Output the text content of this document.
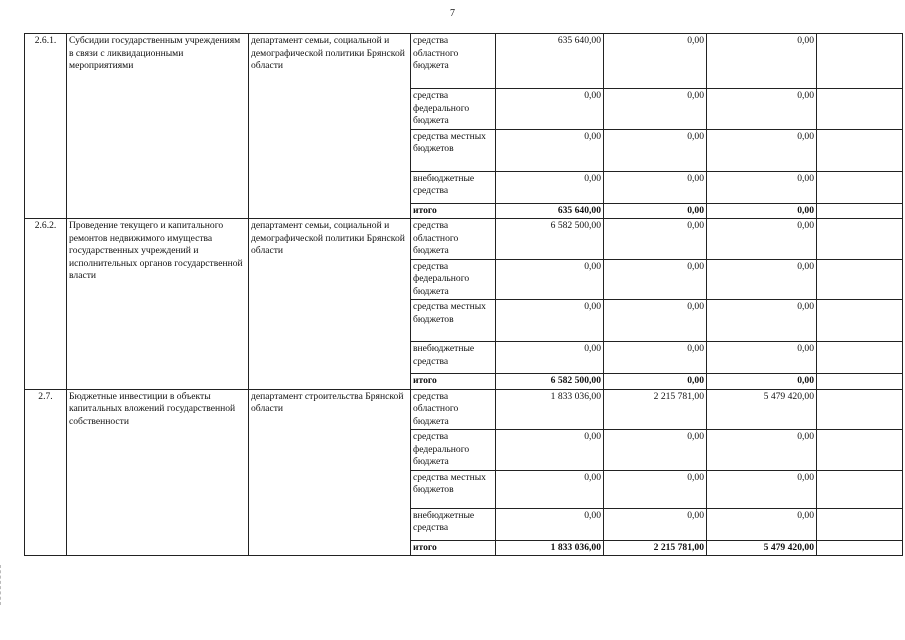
7
2.6.1.	Субсидии государственным учреждениям в связи с ликвидационными мероприятиями	департамент семьи, социальной и демографической политики Брянской области	средства областного бюджета	635 640,00	0,00	0,00	
			средства федерального бюджета	0,00	0,00	0,00	
			средства местных бюджетов	0,00	0,00	0,00	
			внебюджетные средства	0,00	0,00	0,00	
			итого	635 640,00	0,00	0,00	
2.6.2.	Проведение текущего и капитального ремонтов недвижимого имущества государственных учреждений и исполнительных органов государственной власти	департамент семьи, социальной и демографической политики Брянской области	средства областного бюджета	6 582 500,00	0,00	0,00	
			средства федерального бюджета	0,00	0,00	0,00	
			средства местных бюджетов	0,00	0,00	0,00	
			внебюджетные средства	0,00	0,00	0,00	
			итого	6 582 500,00	0,00	0,00	
2.7.	Бюджетные инвестиции в объекты капитальных вложений государственной собственности	департамент строительства Брянской области	средства областного бюджета	1 833 036,00	2 215 781,00	5 479 420,00	
			средства федерального бюджета	0,00	0,00	0,00	
			средства местных бюджетов	0,00	0,00	0,00	
			внебюджетные средства	0,00	0,00	0,00	
			итого	1 833 036,00	2 215 781,00	5 479 420,00	
